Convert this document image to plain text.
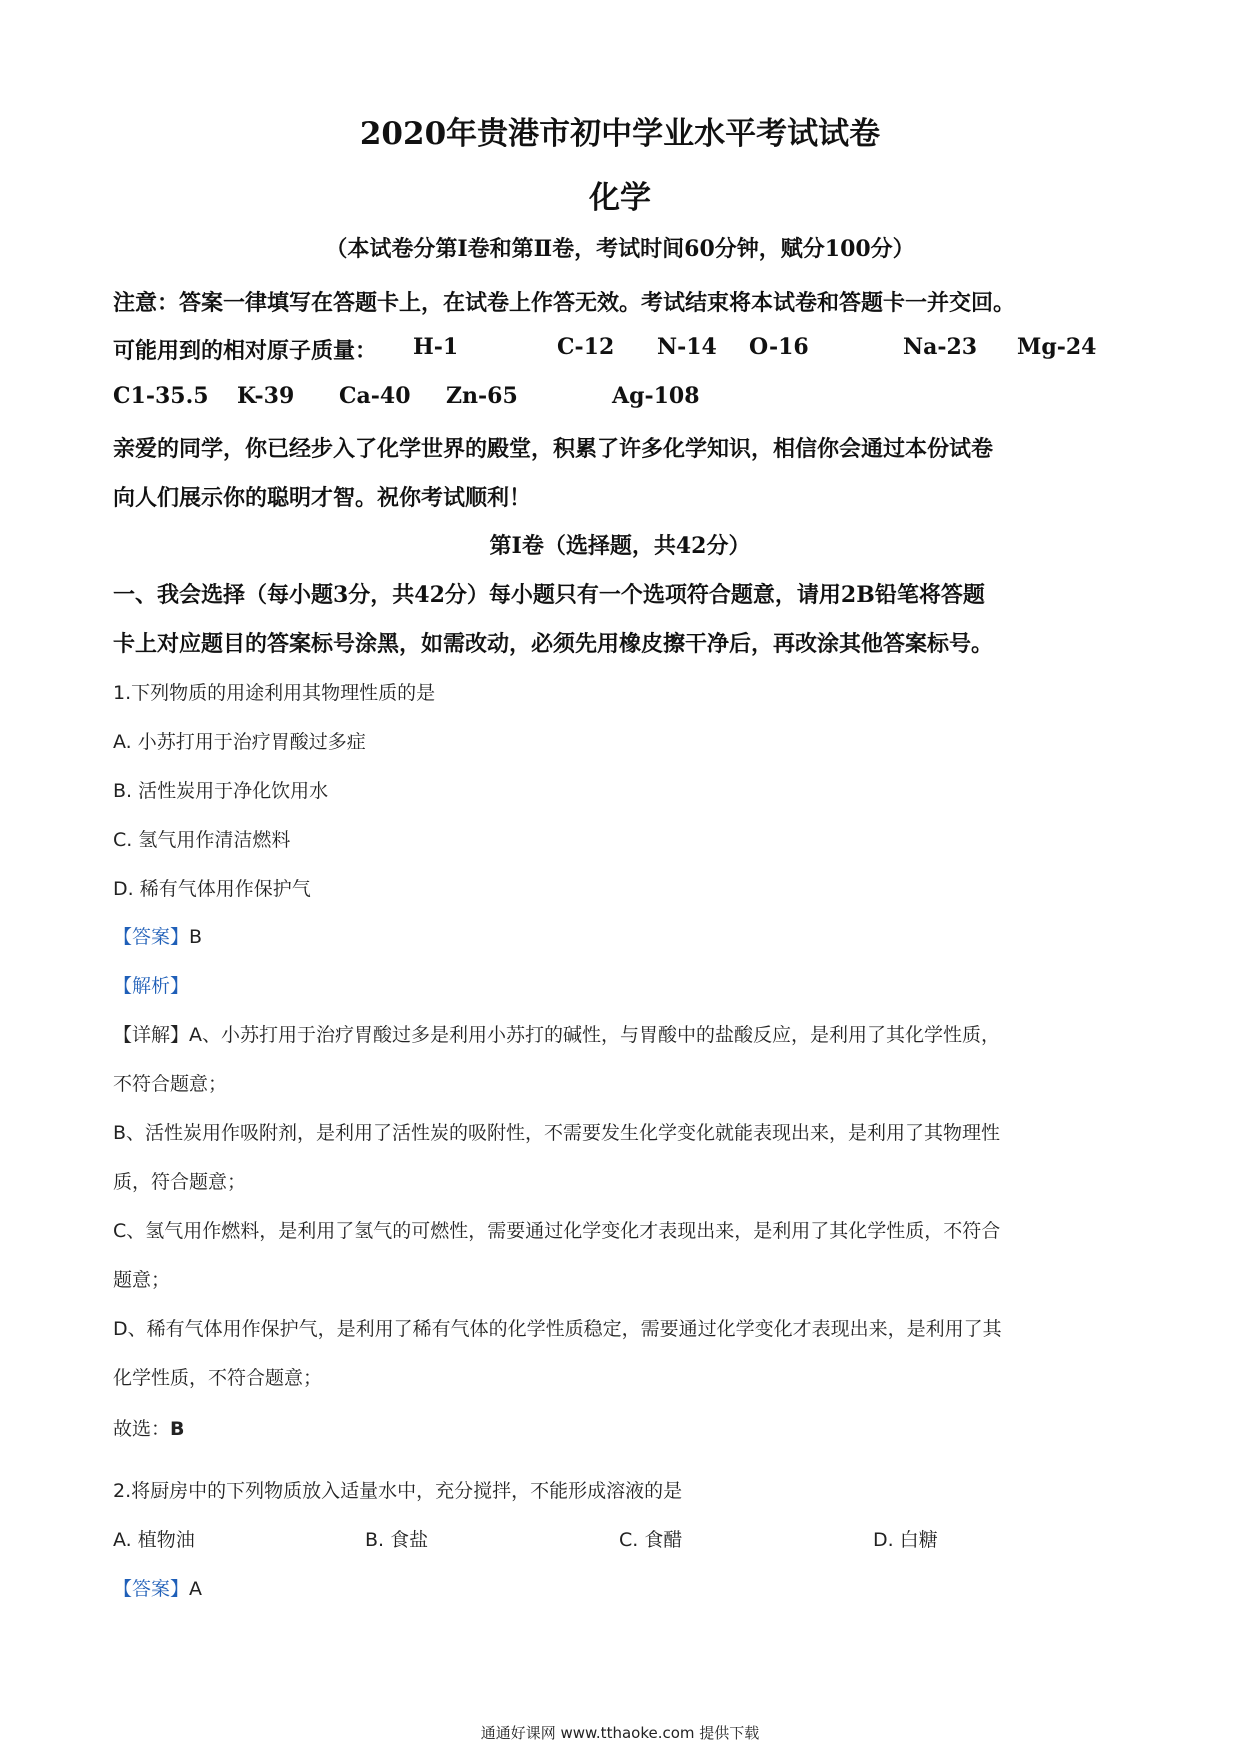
2020年贵港市初中学业水平考试试卷
化学
（本试卷分第Ⅰ卷和第Ⅱ卷，考试时间60分钟，赋分100分）
注意：答案一律填写在答题卡上，在试卷上作答无效。考试结束将本试卷和答题卡一并交回。
可能用到的相对原子质量： H-1	C-12 N-14 O-16	Na-23 Mg-24
C1-35.5 K-39 Ca-40 Zn-65	Ag-108
亲爱的同学，你已经步入了化学世界的殿堂，积累了许多化学知识，相信你会通过本份试卷
向人们展示你的聪明才智。祝你考试顺利！
第Ⅰ卷（选择题，共42分）
一、我会选择（每小题3分，共42分）每小题只有一个选项符合题意，请用2B铅笔将答题
卡上对应题目的答案标号涂黑，如需改动，必须先用橡皮擦干净后，再改涂其他答案标号。
1.下列物质的用途利用其物理性质的是
A. 小苏打用于治疗胃酸过多症
B. 活性炭用于净化饮用水
C. 氢气用作清洁燃料
D. 稀有气体用作保护气
【答案】B
【解析】
【详解】A、小苏打用于治疗胃酸过多是利用小苏打的碱性，与胃酸中的盐酸反应，是利用了其化学性质，
不符合题意；
B、活性炭用作吸附剂，是利用了活性炭的吸附性，不需要发生化学变化就能表现出来，是利用了其物理性
质，符合题意；
C、氢气用作燃料，是利用了氢气的可燃性，需要通过化学变化才表现出来，是利用了其化学性质，不符合
题意；
D、稀有气体用作保护气，是利用了稀有气体的化学性质稳定，需要通过化学变化才表现出来，是利用了其
化学性质，不符合题意；
故选：B
2.将厨房中的下列物质放入适量水中，充分搅拌，不能形成溶液的是
A. 植物油	B. 食盐	C. 食醋	D. 白糖
【答案】A
通通好课网 www.tthaoke.com 提供下载
